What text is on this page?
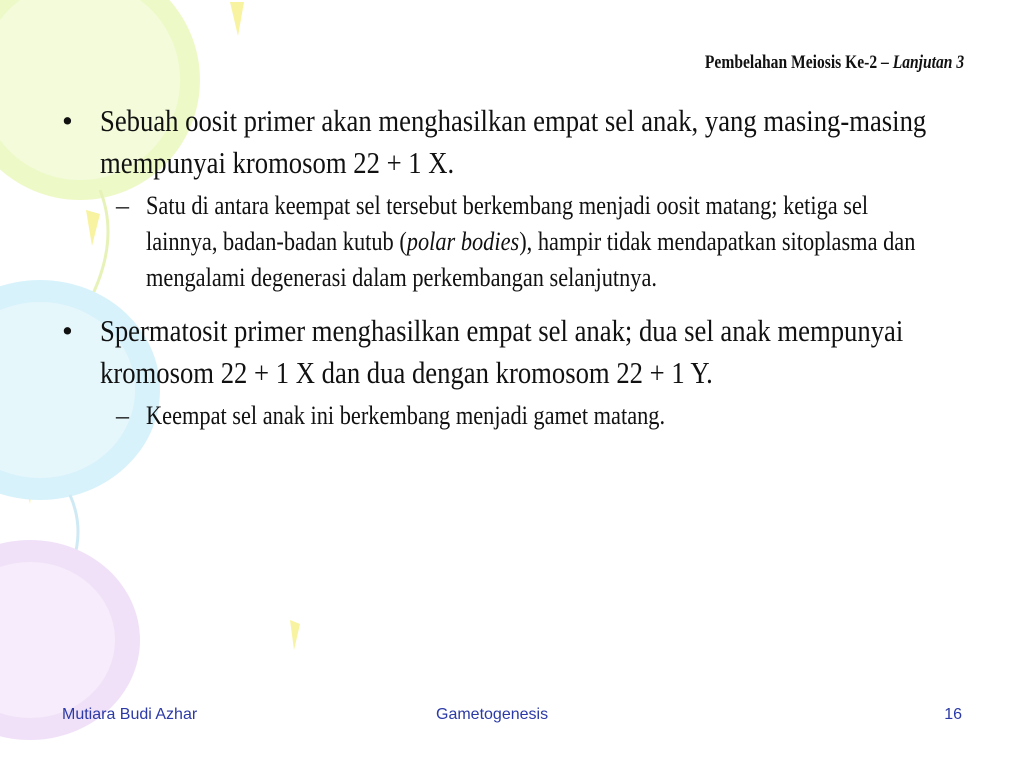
Pembelahan Meiosis Ke-2 – Lanjutan 3
• Sebuah oosit primer akan menghasilkan empat sel anak, yang masing-masing mempunyai kromosom 22 + 1 X.
– Satu di antara keempat sel tersebut berkembang menjadi oosit matang; ketiga sel lainnya, badan-badan kutub (polar bodies), hampir tidak mendapatkan sitoplasma dan mengalami degenerasi dalam perkembangan selanjutnya.
• Spermatosit primer menghasilkan empat sel anak; dua sel anak mempunyai kromosom 22 + 1 X dan dua dengan kromosom 22 + 1 Y.
– Keempat sel anak ini berkembang menjadi gamet matang.
Mutiara Budi Azhar	Gametogenesis	16
